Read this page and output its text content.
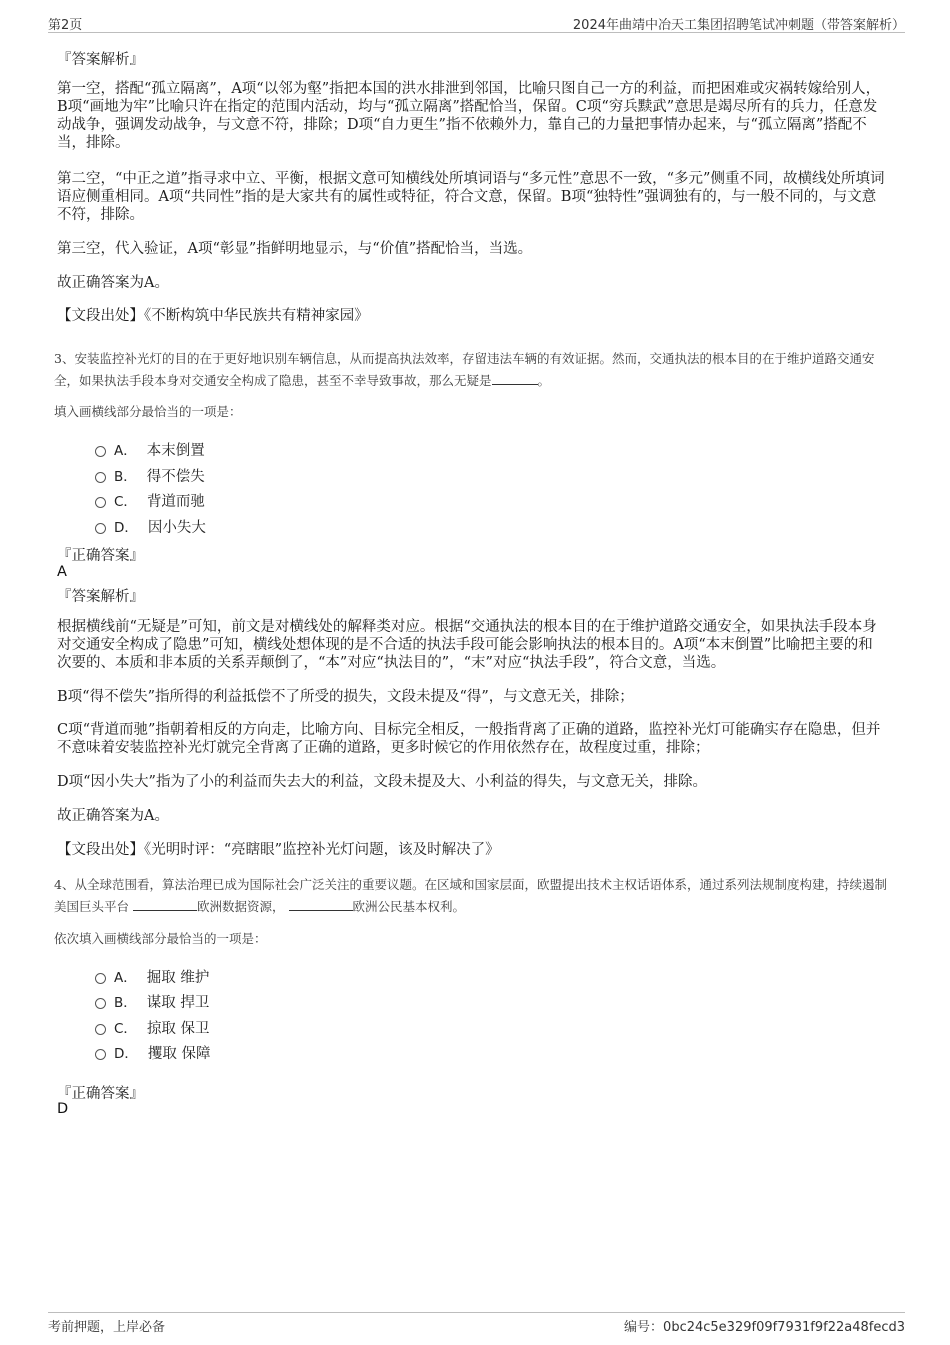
第2页	2024年曲靖中冶天工集团招聘笔试冲刺题（带答案解析）
『答案解析』
第一空，搭配“孤立隔离”，A项“以邻为壑”指把本国的洪水排泄到邻国，比喻只图自己一方的利益，而把困难或灾祸转嫁给别人，B项“画地为牢”比喻只许在指定的范围内活动，均与“孤立隔离”搭配恰当，保留。C项“穷兵黩武”意思是竭尽所有的兵力，任意发动战争，强调发动战争，与文意不符，排除；D项“自力更生”指不依赖外力，靠自己的力量把事情办起来，与“孤立隔离”搭配不当，排除。
第二空，“中正之道”指寻求中立、平衡，根据文意可知横线处所填词语与“多元性”意思不一致，“多元”侧重不同，故横线处所填词语应侧重相同。A项“共同性”指的是大家共有的属性或特征，符合文意，保留。B项“独特性”强调独有的，与一般不同的，与文意不符，排除。
第三空，代入验证，A项“彰显”指鲜明地显示，与“价值”搭配恰当，当选。
故正确答案为A。
【文段出处】《不断构筑中华民族共有精神家园》
3、安装监控补光灯的目的在于更好地识别车辆信息，从而提高执法效率，存留违法车辆的有效证据。然而，交通执法的根本目的在于维护道路交通安全，如果执法手段本身对交通安全构成了隐患，甚至不幸导致事故，那么无疑是	。
填入画横线部分最恰当的一项是：
A． 本末倒置
B． 得不偿失
C． 背道而驰
D． 因小失大
『正确答案』
A
『答案解析』
根据横线前“无疑是”可知，前文是对横线处的解释类对应。根据“交通执法的根本目的在于维护道路交通安全，如果执法手段本身对交通安全构成了隐患”可知，横线处想体现的是不合适的执法手段可能会影响执法的根本目的。A项“本末倒置”比喻把主要的和次要的、本质和非本质的关系弄颠倒了，“本”对应“执法目的”，“末”对应“执法手段”，符合文意，当选。
B项“得不偿失”指所得的利益抵偿不了所受的损失，文段未提及“得”，与文意无关，排除；
C项“背道而驰”指朝着相反的方向走，比喻方向、目标完全相反，一般指背离了正确的道路，监控补光灯可能确实存在隐患，但并不意味着安装监控补光灯就完全背离了正确的道路，更多时候它的作用依然存在，故程度过重，排除；
D项“因小失大”指为了小的利益而失去大的利益，文段未提及大、小利益的得失，与文意无关，排除。
故正确答案为A。
【文段出处】《光明时评：“亮瞎眼”监控补光灯问题，该及时解决了》
4、从全球范围看，算法治理已成为国际社会广泛关注的重要议题。在区域和国家层面，欧盟提出技术主权话语体系，通过系列法规制度构建，持续遏制美国巨头平台	欧洲数据资源，	欧洲公民基本权利。
依次填入画横线部分最恰当的一项是：
A． 掘取 维护
B． 谋取 捍卫
C． 掠取 保卫
D． 攫取 保障
『正确答案』
D
考前押题，上岸必备	编号：0bc24c5e329f09f7931f9f22a48fecd3
